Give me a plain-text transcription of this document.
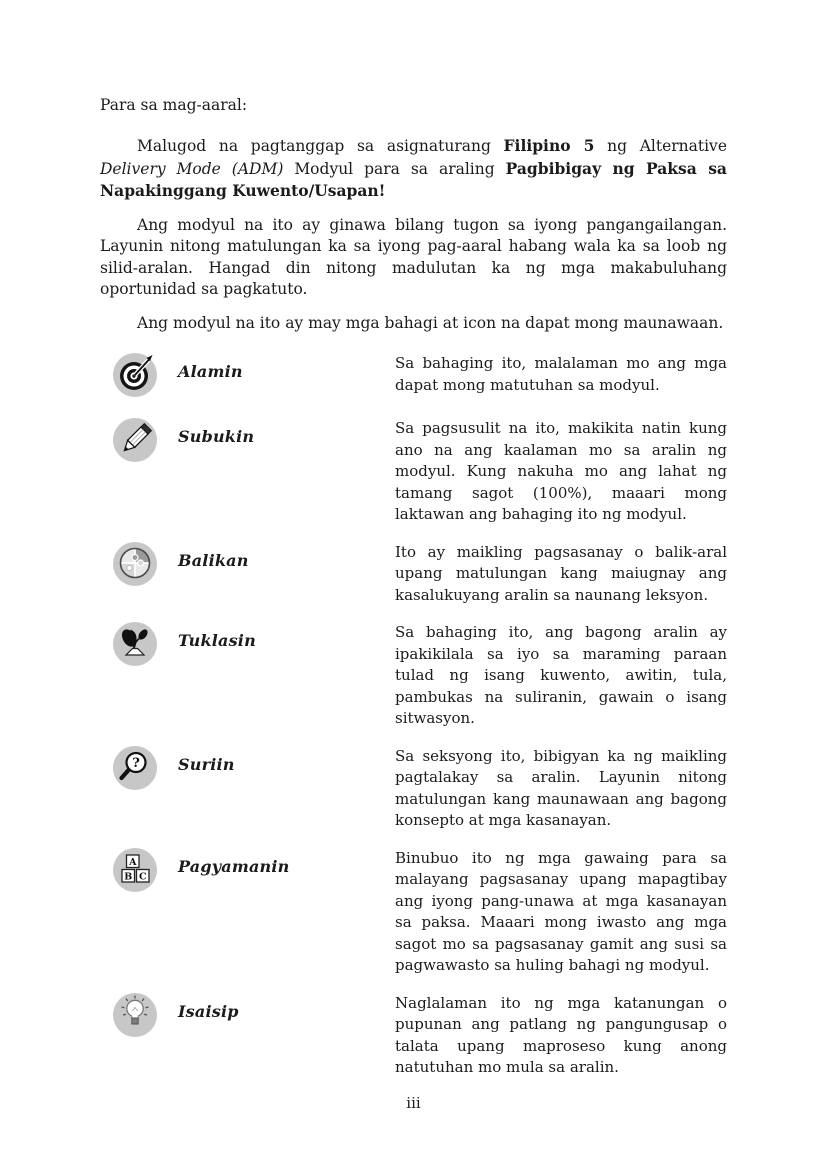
Para sa mag-aaral:

Malugod na pagtanggap sa asignaturang Filipino 5 ng Alternative Delivery Mode (ADM) Modyul para sa araling Pagbibigay ng Paksa sa Napakinggang Kuwento/Usapan!

Ang modyul na ito ay ginawa bilang tugon sa iyong pangangailangan. Layunin nitong matulungan ka sa iyong pag-aaral habang wala ka sa loob ng silid-aralan. Hangad din nitong madulutan ka ng mga makabuluhang oportunidad sa pagkatuto.

Ang modyul na ito ay may mga bahagi at icon na dapat mong maunawaan.

Alamin	Sa bahaging ito, malalaman mo ang mga dapat mong matutuhan sa modyul.
Subukin	Sa pagsusulit na ito, makikita natin kung ano na ang kaalaman mo sa aralin ng modyul. Kung nakuha mo ang lahat ng tamang sagot (100%), maaari mong laktawan ang bahaging ito ng modyul.
Balikan	Ito ay maikling pagsasanay o balik-aral upang matulungan kang maiugnay ang kasalukuyang aralin sa naunang leksyon.
Tuklasin	Sa bahaging ito, ang bagong aralin ay ipakikilala sa iyo sa maraming paraan tulad ng isang kuwento, awitin, tula, pambukas na suliranin, gawain o isang sitwasyon.
? Suriin	Sa seksyong ito, bibigyan ka ng maikling pagtalakay sa aralin. Layunin nitong matulungan kang maunawaan ang bagong konsepto at mga kasanayan.
A
B C
Pagyamanin	Binubuo ito ng mga gawaing para sa malayang pagsasanay upang mapagtibay ang iyong pang-unawa at mga kasanayan sa paksa. Maaari mong iwasto ang mga sagot mo sa pagsasanay gamit ang susi sa pagwawasto sa huling bahagi ng modyul.
Isaisip	Naglalaman ito ng mga katanungan o pupunan ang patlang ng pangungusap o talata upang maproseso kung anong natutuhan mo mula sa aralin.
iii
